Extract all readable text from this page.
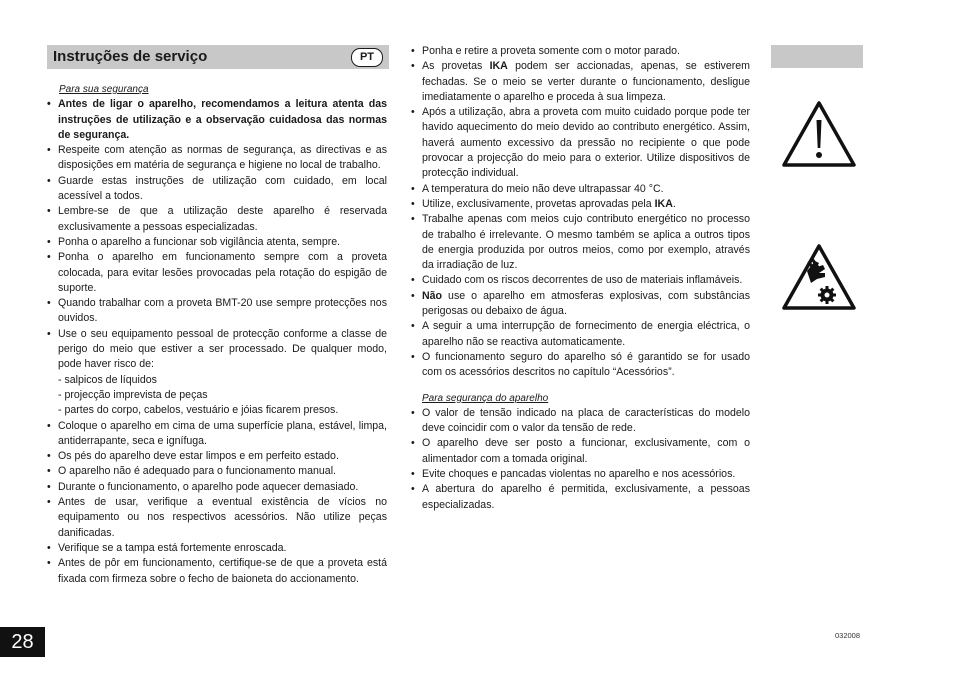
Instruções de serviço	PT

Para sua segurança

• Antes de ligar o aparelho, recomendamos a leitura atenta das instruções de utilização e a observação cuidadosa das normas de segurança.

• Respeite com atenção as normas de segurança, as directivas e as disposições em matéria de segurança e higiene no local de trabalho.

• Guarde estas instruções de utilização com cuidado, em local acessível a todos.

• Lembre-se de que a utilização deste aparelho é reservada exclusivamente a pessoas especializadas.

• Ponha o aparelho a funcionar sob vigilância atenta, sempre.

• Ponha o aparelho em funcionamento sempre com a proveta colocada, para evitar lesões provocadas pela rotação do espigão de suporte.

• Quando trabalhar com a proveta BMT-20 use sempre protecções nos ouvidos.

• Use o seu equipamento pessoal de protecção conforme a classe de perigo do meio que estiver a ser processado. De qualquer modo, pode haver risco de:

- salpicos de líquidos

- projecção imprevista de peças

- partes do corpo, cabelos, vestuário e jóias ficarem presos.

• Coloque o aparelho em cima de uma superfície plana, estável, limpa, antiderrapante, seca e ignífuga.

• Os pés do aparelho deve estar limpos e em perfeito estado.

• O aparelho não é adequado para o funcionamento manual.

• Durante o funcionamento, o aparelho pode aquecer demasiado.

• Antes de usar, verifique a eventual existência de vícios no equipamento ou nos respectivos acessórios. Não utilize peças danificadas.

• Verifique se a tampa está fortemente enroscada.

• Antes de pôr em funcionamento, certifique-se de que a proveta está fixada com firmeza sobre o fecho de baioneta do accionamento.

• Ponha e retire a proveta somente com o motor parado.

• As provetas IKA podem ser accionadas, apenas, se estiverem fechadas. Se o meio se verter durante o funcionamento, desligue imediatamente o aparelho e proceda à sua limpeza.

• Após a utilização, abra a proveta com muito cuidado porque pode ter havido aquecimento do meio devido ao contributo energético. Assim, haverá aumento excessivo da pressão no recipiente o que pode provocar a projecção do meio para o exterior. Utilize dispositivos de protecção individual.

• A temperatura do meio não deve ultrapassar 40 °C.

• Utilize, exclusivamente, provetas aprovadas pela IKA.

• Trabalhe apenas com meios cujo contributo energético no processo de trabalho é irrelevante. O mesmo também se aplica a outros tipos de energia produzida por outros meios, como por exemplo, através da irradiação de luz.

• Cuidado com os riscos decorrentes de uso de materiais inflamáveis.

• Não use o aparelho em atmosferas explosivas, com substâncias perigosas ou debaixo de água.

• A seguir a uma interrupção de fornecimento de energia eléctrica, o aparelho não se reactiva automaticamente.

• O funcionamento seguro do aparelho só é garantido se for usado com os acessórios descritos no capítulo “Acessórios”.

Para segurança do aparelho

• O valor de tensão indicado na placa de características do modelo deve coincidir com o valor da tensão de rede.

• O aparelho deve ser posto a funcionar, exclusivamente, com o alimentador com a tomada original.

• Evite choques e pancadas violentas no aparelho e nos acessórios.

• A abertura do aparelho é permitida, exclusivamente, a pessoas especializadas.

28	032008
